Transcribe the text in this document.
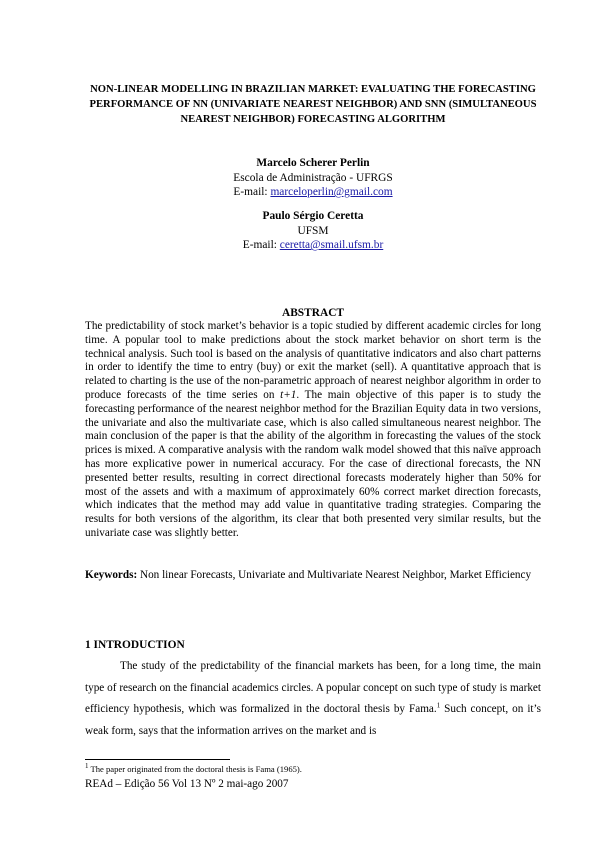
NON-LINEAR MODELLING IN BRAZILIAN MARKET: EVALUATING THE FORECASTING PERFORMANCE OF NN (UNIVARIATE NEAREST NEIGHBOR) AND SNN (SIMULTANEOUS NEAREST NEIGHBOR) FORECASTING ALGORITHM
Marcelo Scherer Perlin
Escola de Administração - UFRGS
E-mail: marceloperlin@gmail.com
Paulo Sérgio Ceretta
UFSM
E-mail: ceretta@smail.ufsm.br
ABSTRACT
The predictability of stock market’s behavior is a topic studied by different academic circles for long time. A popular tool to make predictions about the stock market behavior on short term is the technical analysis. Such tool is based on the analysis of quantitative indicators and also chart patterns in order to identify the time to entry (buy) or exit the market (sell). A quantitative approach that is related to charting is the use of the non-parametric approach of nearest neighbor algorithm in order to produce forecasts of the time series on t+1. The main objective of this paper is to study the forecasting performance of the nearest neighbor method for the Brazilian Equity data in two versions, the univariate and also the multivariate case, which is also called simultaneous nearest neighbor. The main conclusion of the paper is that the ability of the algorithm in forecasting the values of the stock prices is mixed. A comparative analysis with the random walk model showed that this naïve approach has more explicative power in numerical accuracy. For the case of directional forecasts, the NN presented better results, resulting in correct directional forecasts moderately higher than 50% for most of the assets and with a maximum of approximately 60% correct market direction forecasts, which indicates that the method may add value in quantitative trading strategies. Comparing the results for both versions of the algorithm, its clear that both presented very similar results, but the univariate case was slightly better.
Keywords: Non linear Forecasts, Univariate and Multivariate Nearest Neighbor, Market Efficiency
1 INTRODUCTION
The study of the predictability of the financial markets has been, for a long time, the main type of research on the financial academics circles. A popular concept on such type of study is market efficiency hypothesis, which was formalized in the doctoral thesis by Fama.$^1$ Such concept, on it’s weak form, says that the information arrives on the market and is
$^1$ The paper originated from the doctoral thesis is Fama (1965).
REAd – Edição 56 Vol 13 Nº 2 mai-ago 2007
